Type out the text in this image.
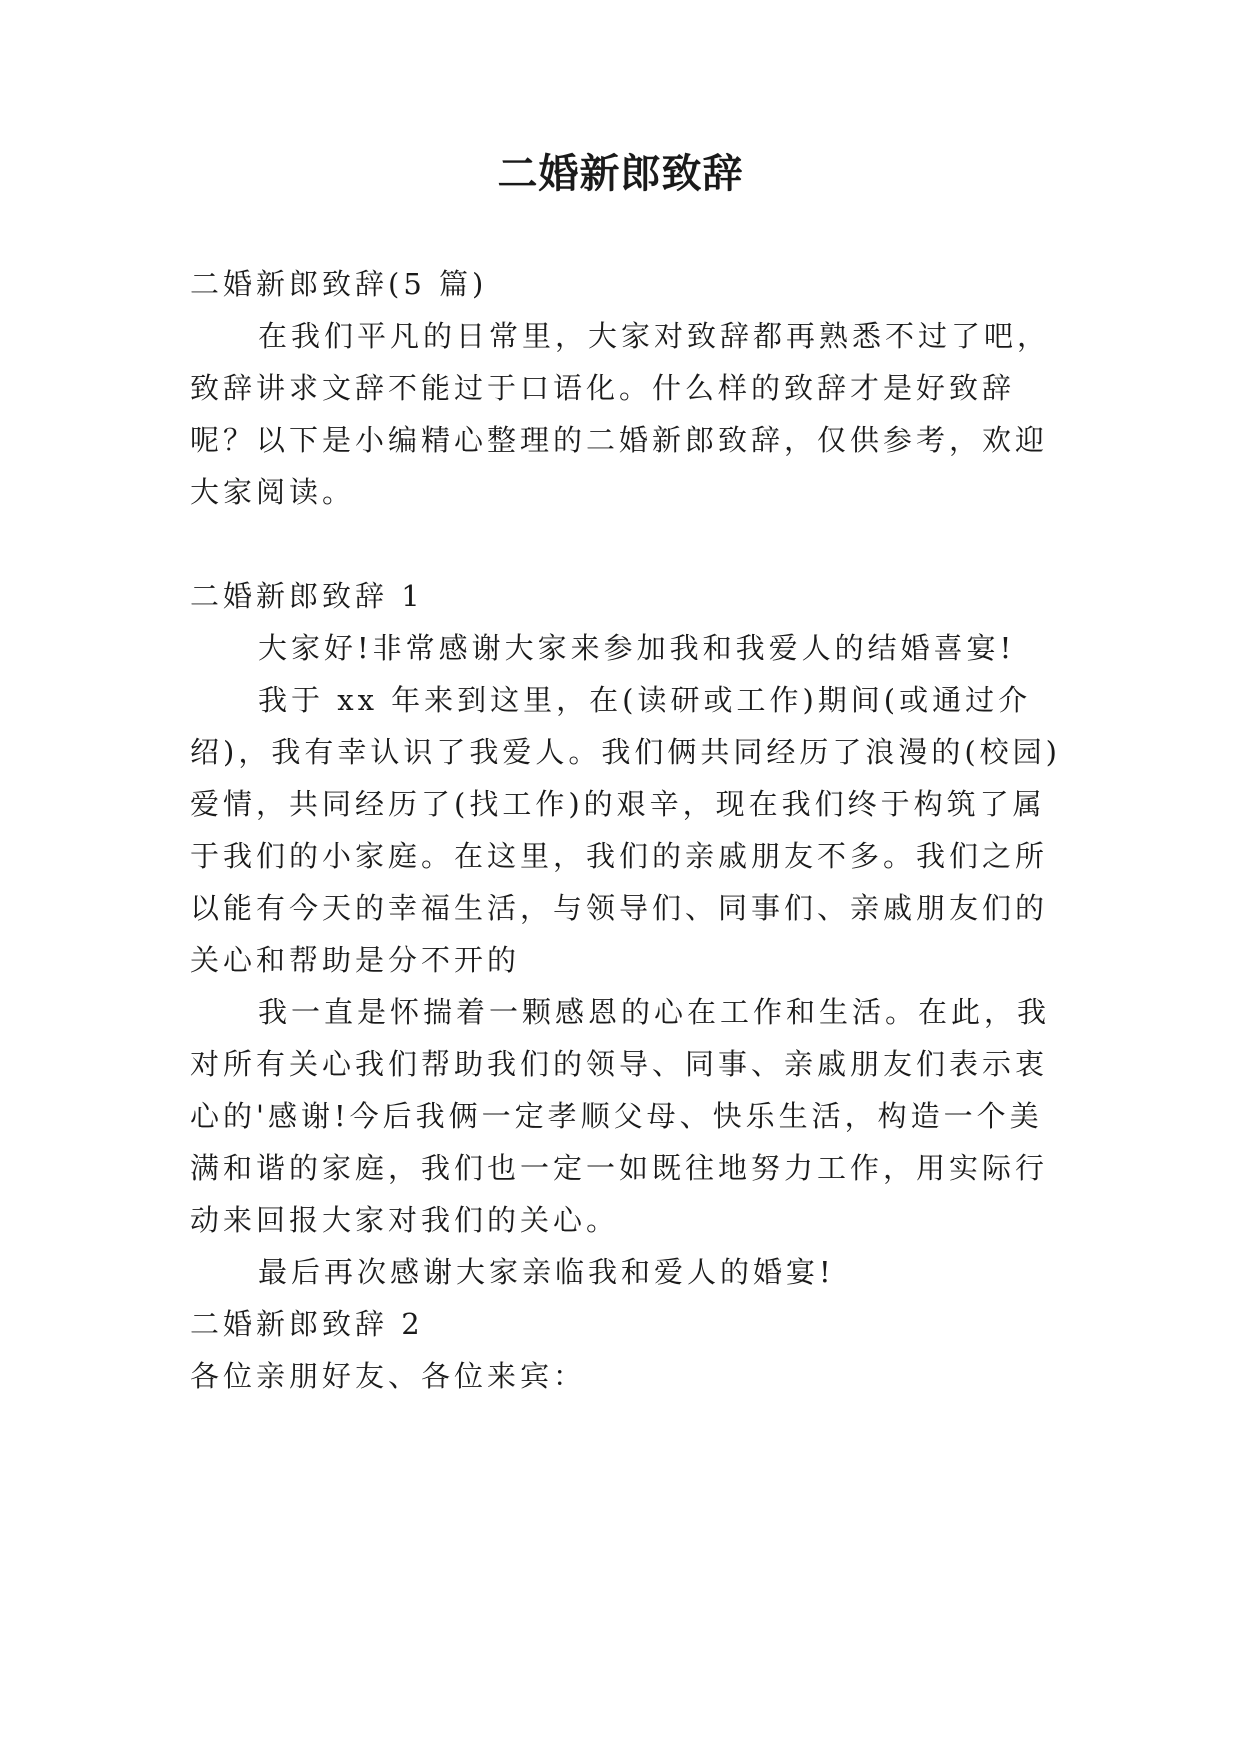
二婚新郎致辞

二婚新郎致辞(5 篇)

在我们平凡的日常里，大家对致辞都再熟悉不过了吧，

致辞讲求文辞不能过于口语化。什么样的致辞才是好致辞

呢？以下是小编精心整理的二婚新郎致辞，仅供参考，欢迎

大家阅读。

二婚新郎致辞 1

大家好!非常感谢大家来参加我和我爱人的结婚喜宴!

我于 xx 年来到这里，在(读研或工作)期间(或通过介

绍)，我有幸认识了我爱人。我们俩共同经历了浪漫的(校园)

爱情，共同经历了(找工作)的艰辛，现在我们终于构筑了属

于我们的小家庭。在这里，我们的亲戚朋友不多。我们之所

以能有今天的幸福生活，与领导们、同事们、亲戚朋友们的

关心和帮助是分不开的

我一直是怀揣着一颗感恩的心在工作和生活。在此，我

对所有关心我们帮助我们的领导、同事、亲戚朋友们表示衷

心的'感谢!今后我俩一定孝顺父母、快乐生活，构造一个美

满和谐的家庭，我们也一定一如既往地努力工作，用实际行

动来回报大家对我们的关心。

最后再次感谢大家亲临我和爱人的婚宴!

二婚新郎致辞 2

各位亲朋好友、各位来宾：
